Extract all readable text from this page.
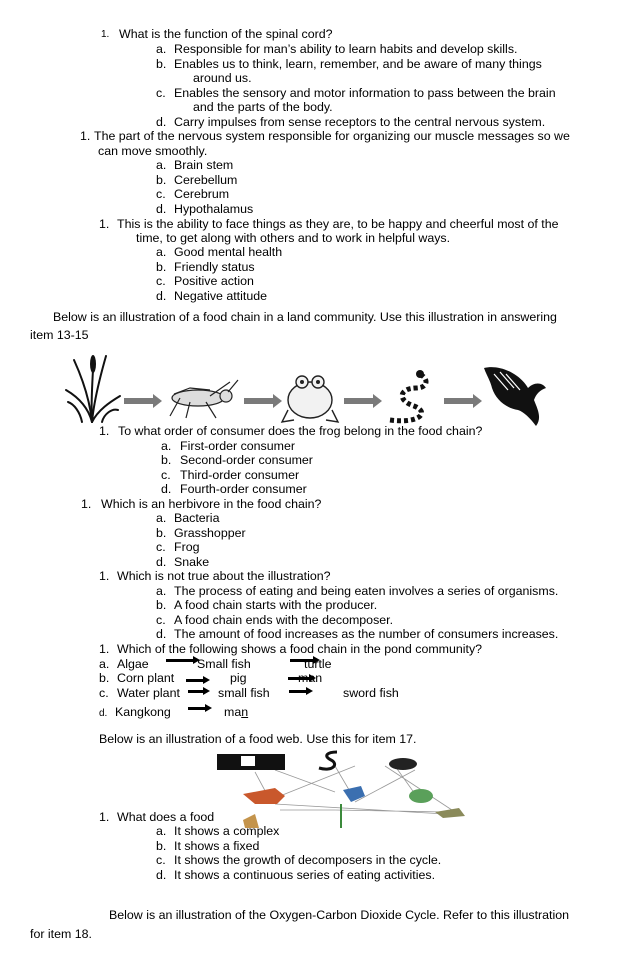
1. What is the function of the spinal cord?
a. Responsible for man’s ability to learn habits and develop skills.
b. Enables us to think, learn, remember, and be aware of many things
around us.
c. Enables the sensory and motor information to pass between the brain
and the parts of the body.
d. Carry impulses from sense receptors to the central nervous system.
1. The part of the nervous system responsible for organizing our muscle messages so we
can move smoothly.
a. Brain stem
b. Cerebellum
c. Cerebrum
d. Hypothalamus
1. This is the ability to face things as they are, to be happy and cheerful most of the
time, to get along with others and to work in helpful ways.
a. Good mental health
b. Friendly status
c. Positive action
d. Negative attitude
Below is an illustration of a food chain in a land community. Use this illustration in answering
item 13-15
1. To what order of consumer does the frog belong in the food chain?
a. First-order consumer
b. Second-order consumer
c. Third-order consumer
d. Fourth-order consumer
1. Which is an herbivore in the food chain?
a. Bacteria
b. Grasshopper
c. Frog
d. Snake
1. Which is not true about the illustration?
a. The process of eating and being eaten involves a series of organisms.
b. A food chain starts with the producer.
c. A food chain ends with the decomposer.
d. The amount of food increases as the number of consumers increases.
1. Which of the following shows a food chain in the pond community?
a. Algae	Small fish	turtle
b. Corn plant	pig	man
c. Water plant	small fish	sword fish
d. Kangkong	man
Below is an illustration of a food web. Use this for item 17.
1. What does a food
a. It shows a complex
b. It shows a fixed
c. It shows the growth of decomposers in the cycle.
d. It shows a continuous series of eating activities.
Below is an illustration of the Oxygen-Carbon Dioxide Cycle. Refer to this illustration
for item 18.
